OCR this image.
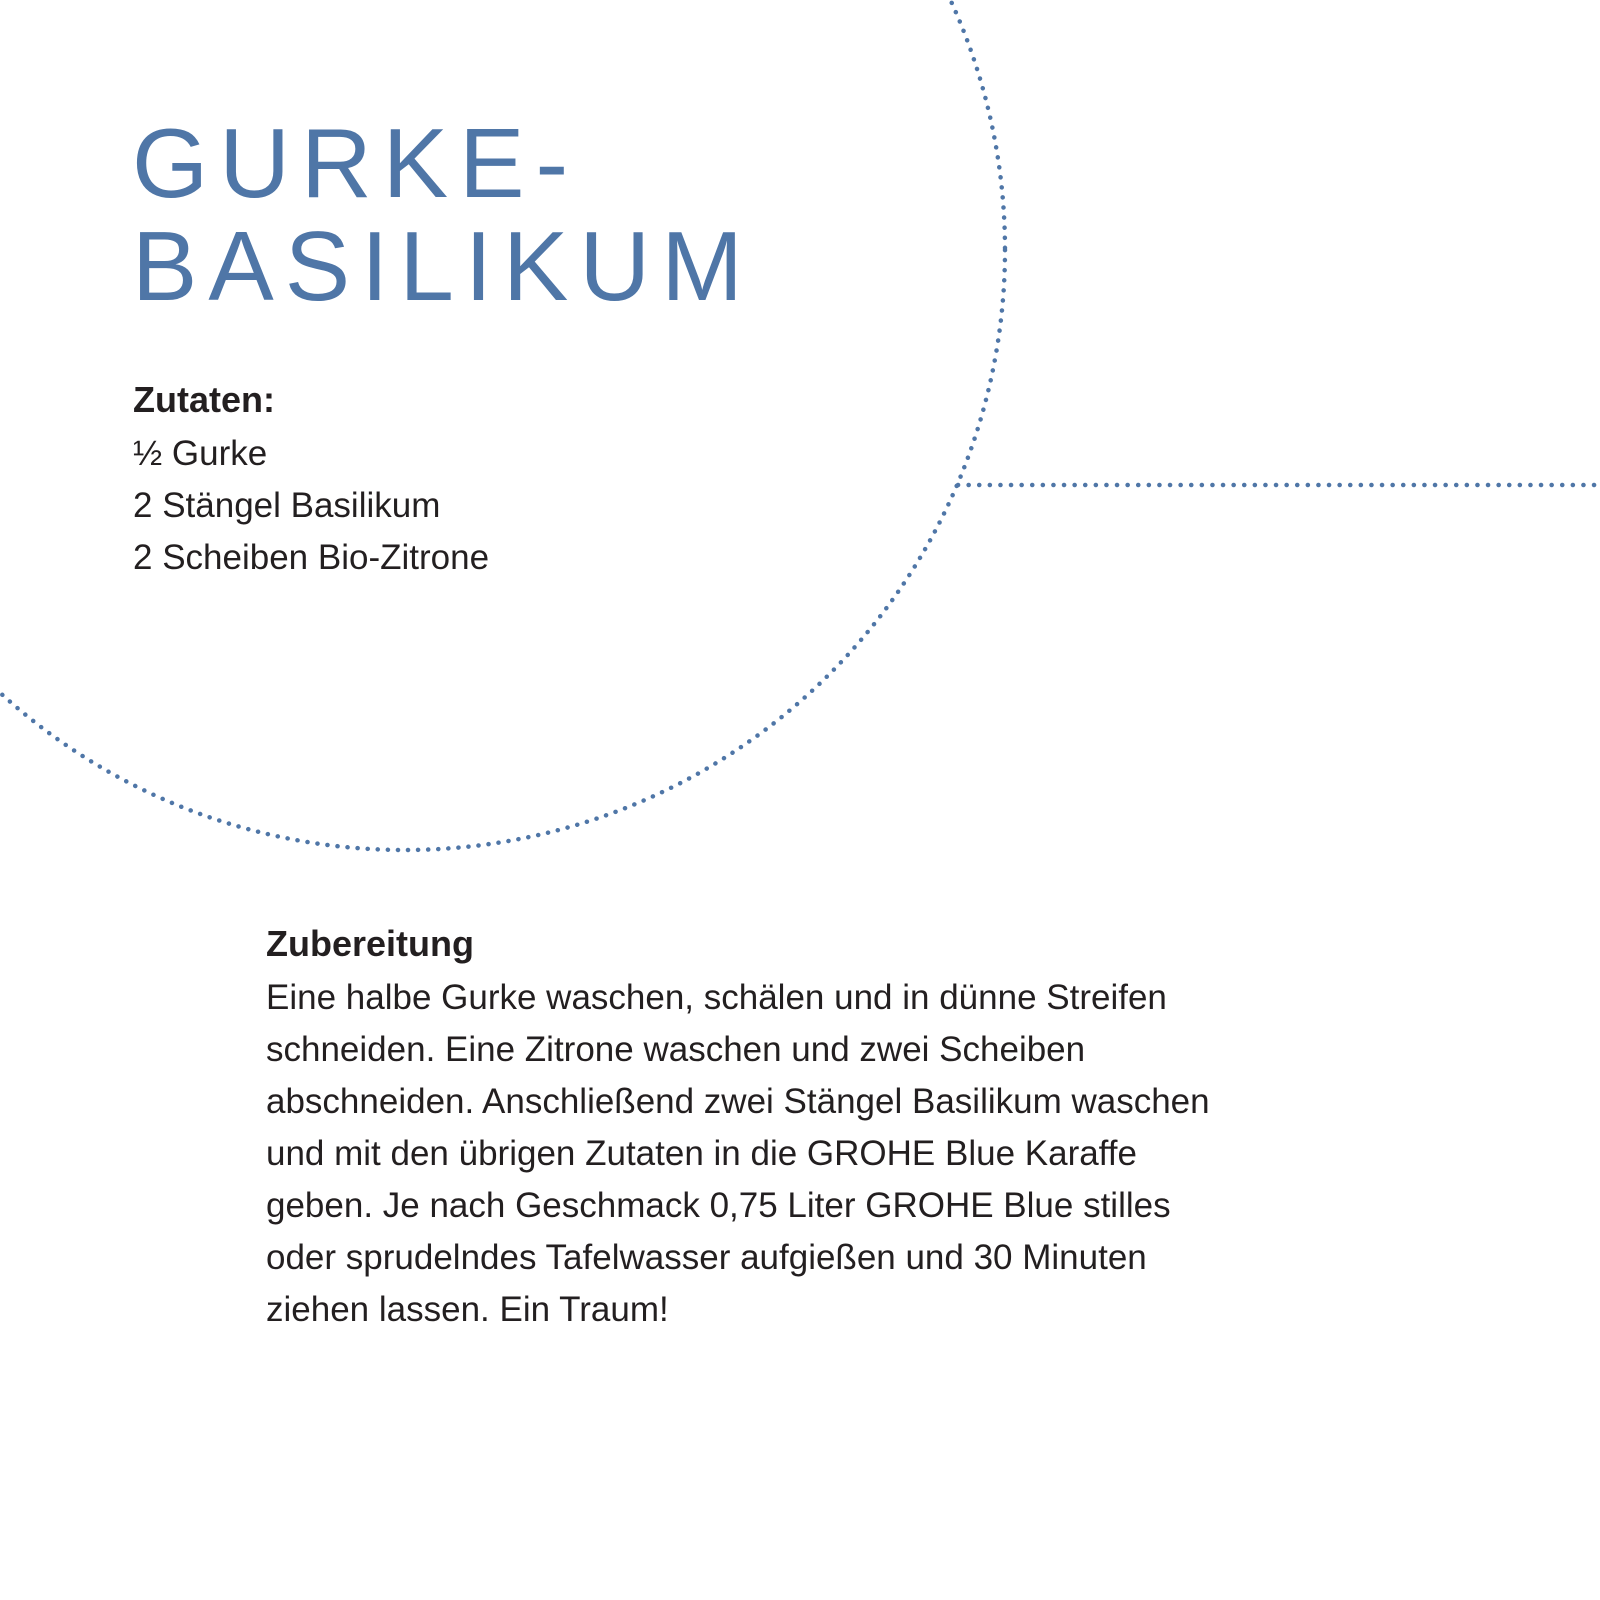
GURKE-
BASILIKUM
Zutaten:
½ Gurke
2 Stängel Basilikum
2 Scheiben Bio-Zitrone
Zubereitung

Eine halbe Gurke waschen, schälen und in dünne Streifen
schneiden. Eine Zitrone waschen und zwei Scheiben
abschneiden. Anschließend zwei Stängel Basilikum waschen
und mit den übrigen Zutaten in die GROHE Blue Karaffe
geben. Je nach Geschmack 0,75 Liter GROHE Blue stilles
oder sprudelndes Tafelwasser aufgießen und 30 Minuten
ziehen lassen. Ein Traum!
